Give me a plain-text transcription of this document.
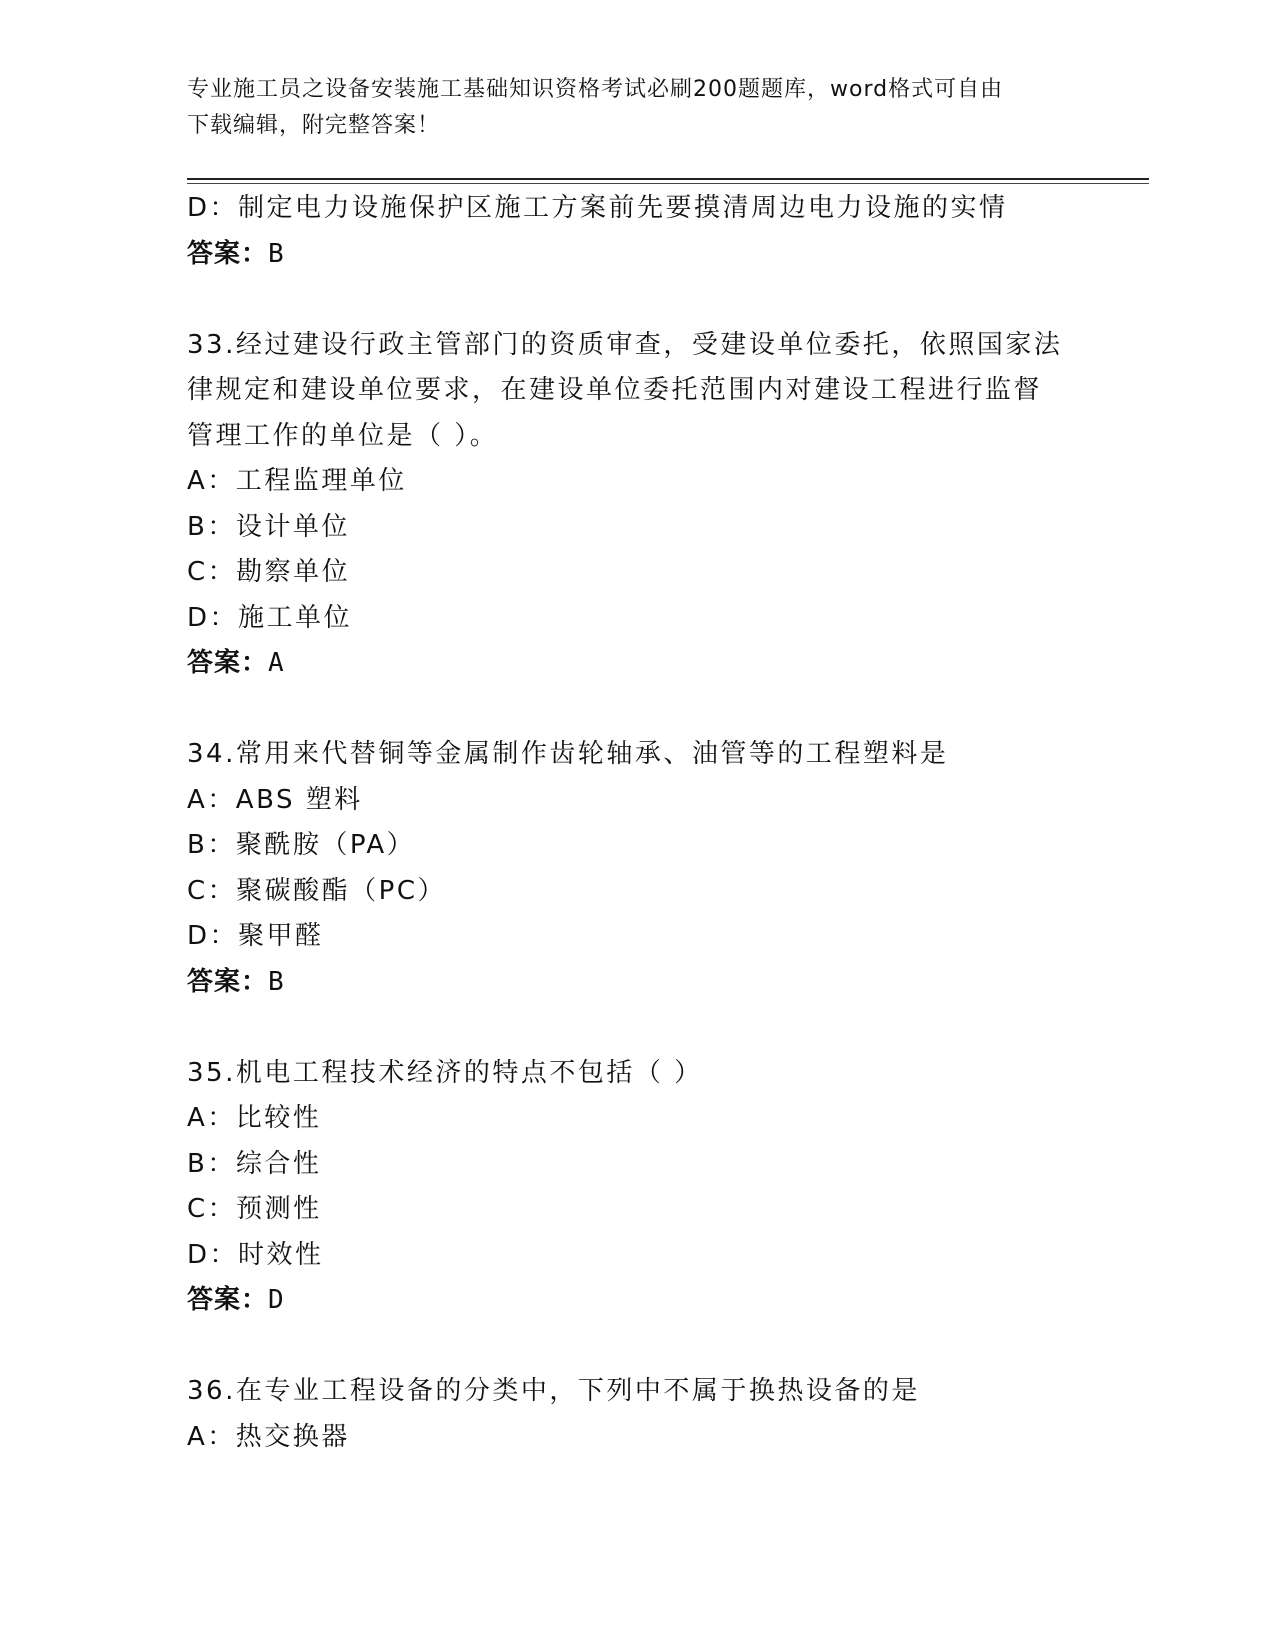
专业施工员之设备安装施工基础知识资格考试必刷200题题库，word格式可自由
下载编辑，附完整答案！
D：制定电力设施保护区施工方案前先要摸清周边电力设施的实情
答案：B
33.经过建设行政主管部门的资质审查，受建设单位委托，依照国家法
律规定和建设单位要求，在建设单位委托范围内对建设工程进行监督
管理工作的单位是（ ）。
A：工程监理单位
B：设计单位
C：勘察单位
D：施工单位
答案：A
34.常用来代替铜等金属制作齿轮轴承、油管等的工程塑料是
A：ABS 塑料
B：聚酰胺（PA）
C：聚碳酸酯（PC）
D：聚甲醛
答案：B
35.机电工程技术经济的特点不包括（ ）
A：比较性
B：综合性
C：预测性
D：时效性
答案：D
36.在专业工程设备的分类中，下列中不属于换热设备的是
A：热交换器
